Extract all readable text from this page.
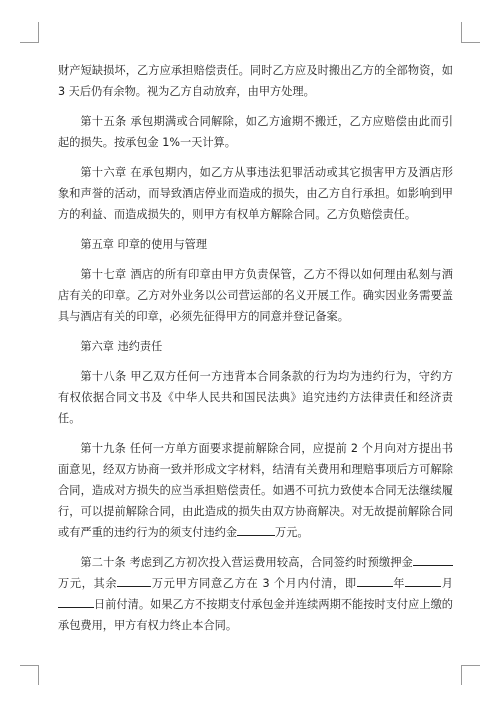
财产短缺损坏，乙方应承担赔偿责任。同时乙方应及时搬出乙方的全部物资，如 3 天后仍有余物。视为乙方自动放弃，由甲方处理。

第十五条 承包期满或合同解除，如乙方逾期不搬迁，乙方应赔偿由此而引起的损失。按承包金 1%一天计算。

第十六章 在承包期内，如乙方从事违法犯罪活动或其它损害甲方及酒店形象和声誉的活动，而导致酒店停业而造成的损失，由乙方自行承担。如影响到甲方的利益、而造成损失的，则甲方有权单方解除合同。乙方负赔偿责任。

第五章 印章的使用与管理

第十七章 酒店的所有印章由甲方负责保管，乙方不得以如何理由私刻与酒店有关的印章。乙方对外业务以公司营运部的名义开展工作。确实因业务需要盖具与酒店有关的印章，必须先征得甲方的同意并登记备案。

第六章 违约责任

第十八条 甲乙双方任何一方违背本合同条款的行为均为违约行为，守约方有权依据合同文书及《中华人民共和国民法典》追究违约方法律责任和经济责任。

第十九条 任何一方单方面要求提前解除合同，应提前 2 个月向对方提出书面意见，经双方协商一致并形成文字材料，结清有关费用和理赔事项后方可解除合同，造成对方损失的应当承担赔偿责任。如遇不可抗力致使本合同无法继续履行，可以提前解除合同，由此造成的损失由双方协商解决。对无故提前解除合同或有严重的违约行为的须支付违约金	万元。

第二十条 考虑到乙方初次投入营运费用较高，合同签约时预缴押金万元，其余	万元甲方同意乙方在 3 个月内付清，即	年	月日前付清。如果乙方不按期支付承包金并连续两期不能按时支付应上缴的承包费用，甲方有权力终止本合同。
